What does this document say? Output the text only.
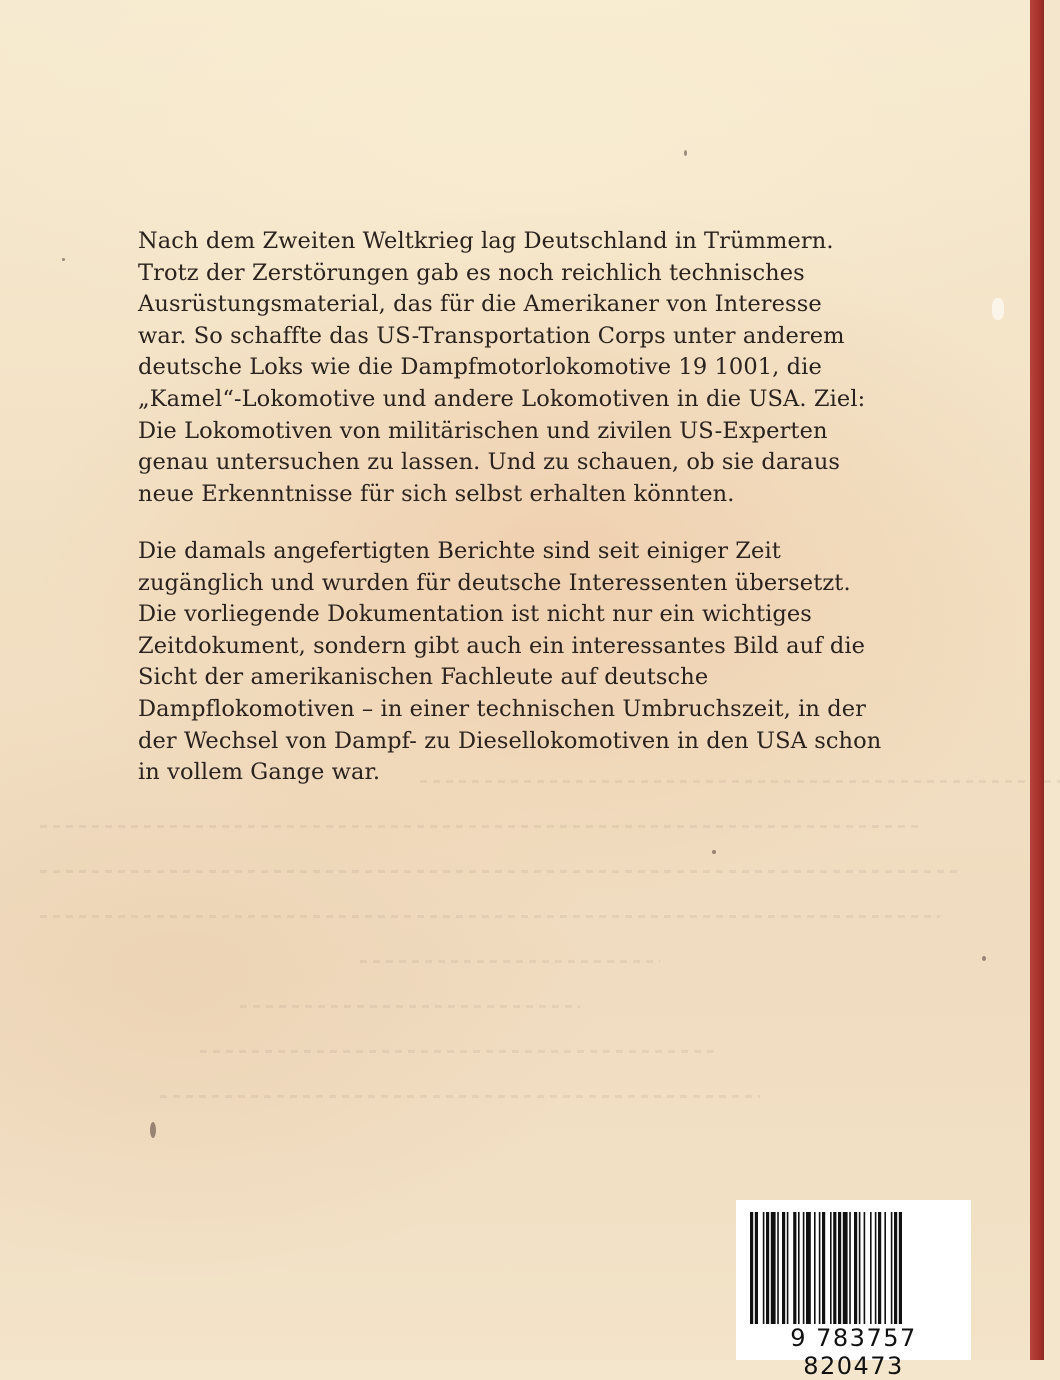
Nach dem Zweiten Weltkrieg lag Deutschland in Trümmern.
Trotz der Zerstörungen gab es noch reichlich technisches
Ausrüstungsmaterial, das für die Amerikaner von Interesse
war. So schaffte das US-Transportation Corps unter anderem
deutsche Loks wie die Dampfmotorlokomotive 19 1001, die
„Kamel“-Lokomotive und andere Lokomotiven in die USA. Ziel:
Die Lokomotiven von militärischen und zivilen US-Experten
genau untersuchen zu lassen. Und zu schauen, ob sie daraus
neue Erkenntnisse für sich selbst erhalten könnten.

Die damals angefertigten Berichte sind seit einiger Zeit
zugänglich und wurden für deutsche Interessenten übersetzt.
Die vorliegende Dokumentation ist nicht nur ein wichtiges
Zeitdokument, sondern gibt auch ein interessantes Bild auf die
Sicht der amerikanischen Fachleute auf deutsche
Dampflokomotiven – in einer technischen Umbruchszeit, in der
der Wechsel von Dampf- zu Diesellokomotiven in den USA schon
in vollem Gange war.

9 783757 820473
